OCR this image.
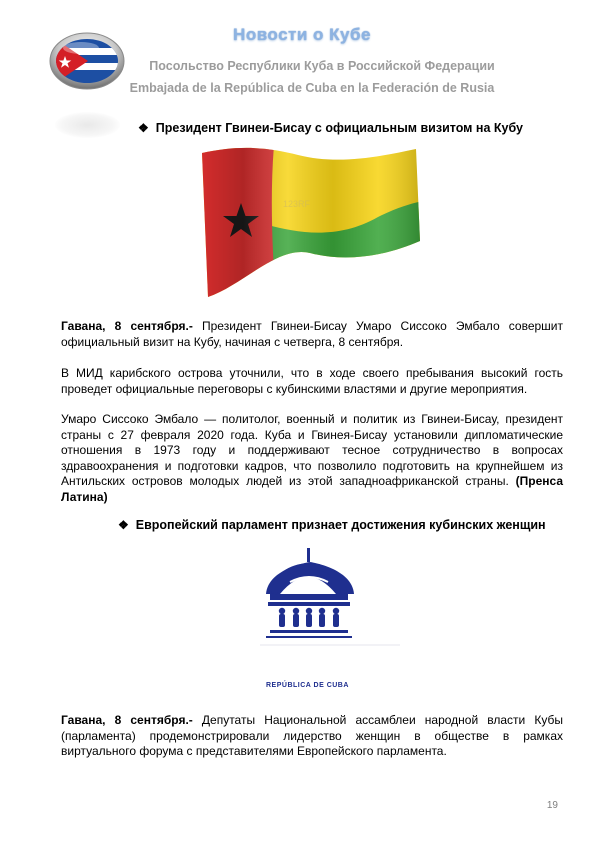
Новости о Кубе
Посольство Республики Куба в Российской Федерации
Embajada de la República de Cuba en la Federación de Rusia
❖ Президент Гвинеи-Бисау с официальным визитом на Кубу
123RF
Гавана, 8 сентября.- Президент Гвинеи-Бисау Умаро Сиссоко Эмбало совершит официальный визит на Кубу, начиная с четверга, 8 сентября.
В МИД карибского острова уточнили, что в ходе своего пребывания высокий гость проведет официальные переговоры с кубинскими властями и другие мероприятия.
Умаро Сиссоко Эмбало — политолог, военный и политик из Гвинеи-Бисау, президент страны с 27 февраля 2020 года. Куба и Гвинея-Бисау установили дипломатические отношения в 1973 году и поддерживают тесное сотрудничество в вопросах здравоохранения и подготовки кадров, что позволило подготовить на крупнейшем из Антильских островов молодых людей из этой западноафриканской страны. (Пренса Латина)
❖ Европейский парламент признает достижения кубинских женщин
REPÚBLICA DE CUBA
Гавана, 8 сентября.- Депутаты Национальной ассамблеи народной власти Кубы (парламента) продемонстрировали лидерство женщин в обществе в рамках виртуального форума с представителями Европейского парламента.
19
